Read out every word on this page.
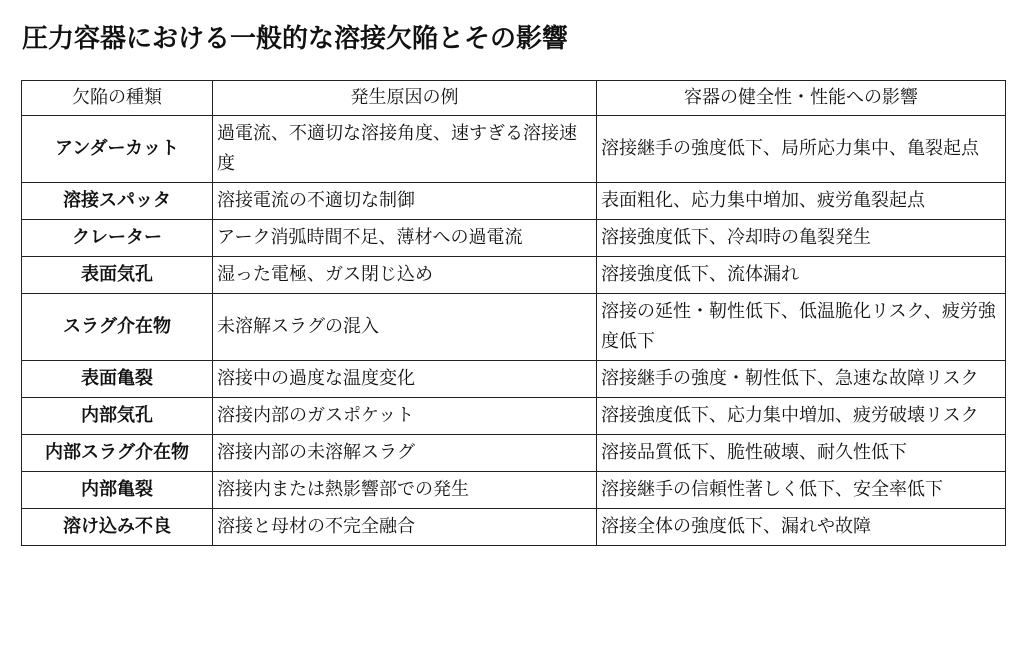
圧力容器における一般的な溶接欠陥とその影響
欠陥の種類	発生原因の例	容器の健全性・性能への影響
アンダーカット	過電流、不適切な溶接角度、速すぎる溶接速度	溶接継手の強度低下、局所応力集中、亀裂起点
溶接スパッタ	溶接電流の不適切な制御	表面粗化、応力集中増加、疲労亀裂起点
クレーター	アーク消弧時間不足、薄材への過電流	溶接強度低下、冷却時の亀裂発生
表面気孔	湿った電極、ガス閉じ込め	溶接強度低下、流体漏れ
スラグ介在物	未溶解スラグの混入	溶接の延性・靭性低下、低温脆化リスク、疲労強度低下
表面亀裂	溶接中の過度な温度変化	溶接継手の強度・靭性低下、急速な故障リスク
内部気孔	溶接内部のガスポケット	溶接強度低下、応力集中増加、疲労破壊リスク
内部スラグ介在物	溶接内部の未溶解スラグ	溶接品質低下、脆性破壊、耐久性低下
内部亀裂	溶接内または熱影響部での発生	溶接継手の信頼性著しく低下、安全率低下
溶け込み不良	溶接と母材の不完全融合	溶接全体の強度低下、漏れや故障
